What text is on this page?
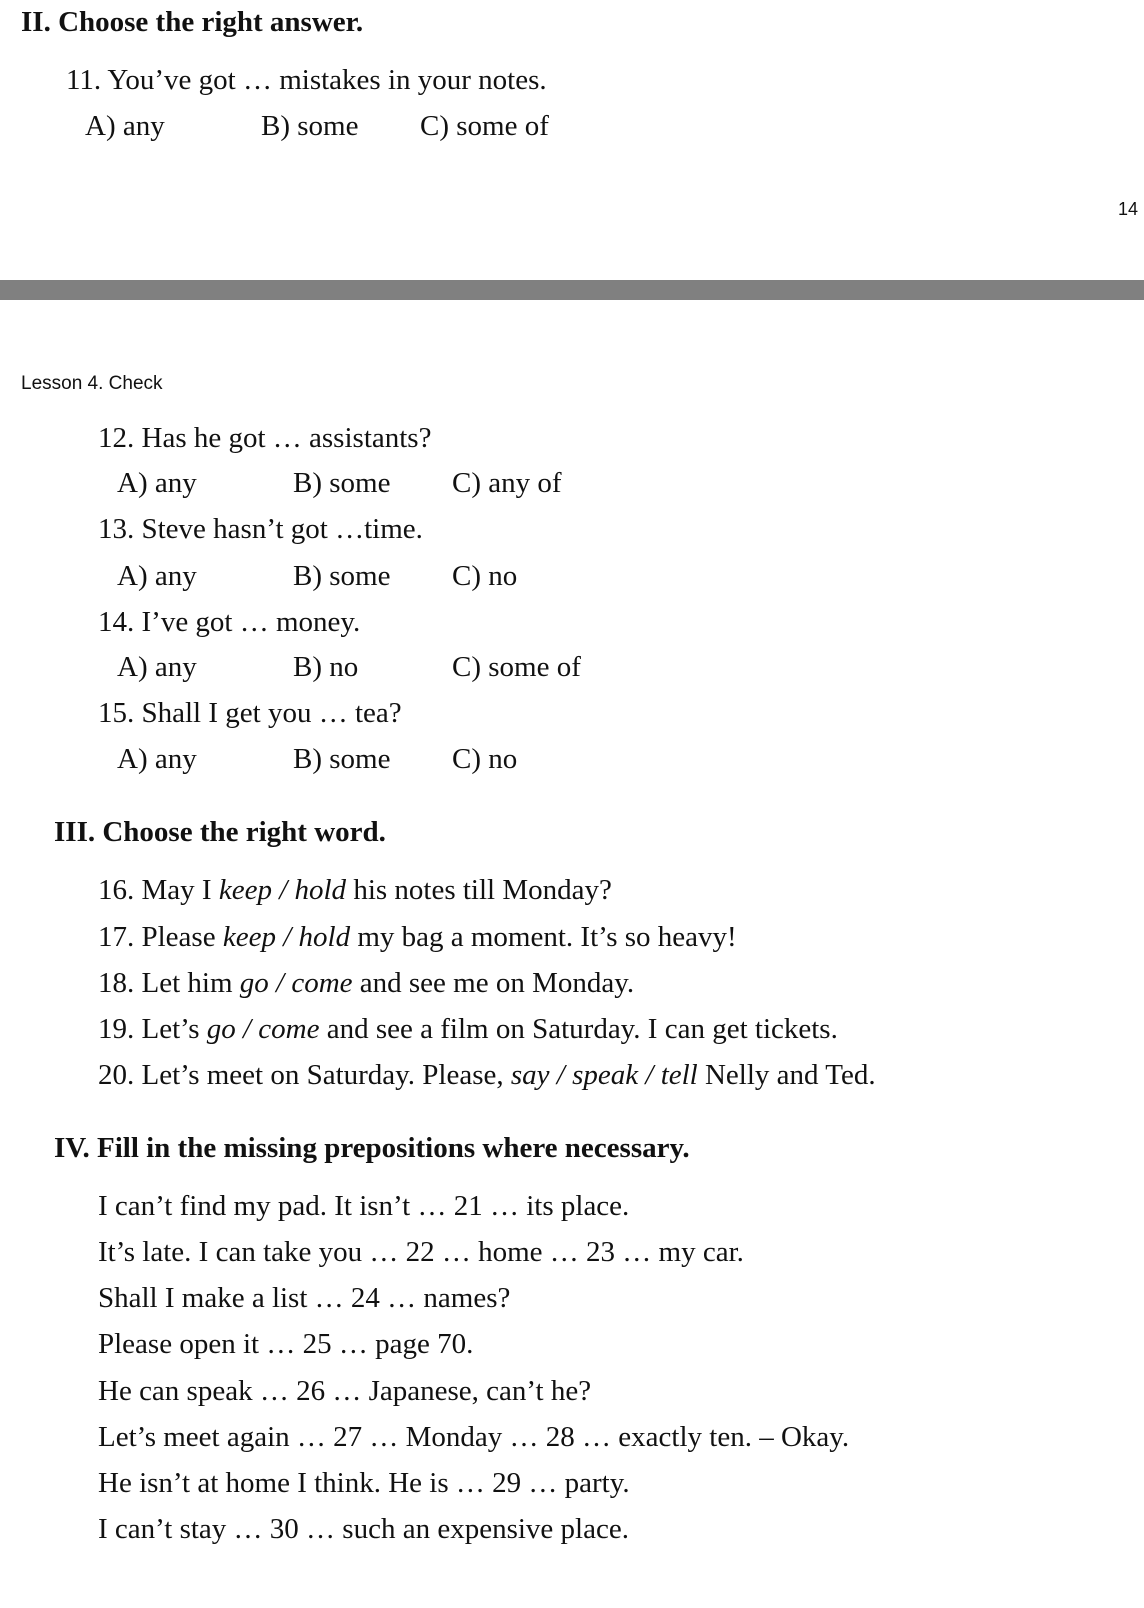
II. Choose the right answer.
11. You’ve got … mistakes in your notes.
A) any	B) some C) some of
14
Lesson 4. Check
12. Has he got … assistants?
A) any	B) some C) any of
13. Steve hasn’t got …time.
A) any	B) some C) no
14. I’ve got … money.
A) any	B) no	C) some of
15. Shall I get you … tea?
A) any	B) some C) no
III. Choose the right word.
16. May I keep / hold his notes till Monday?
17. Please keep / hold my bag a moment. It’s so heavy!
18. Let him go / come and see me on Monday.
19. Let’s go / come and see a film on Saturday. I can get tickets.
20. Let’s meet on Saturday. Please, say / speak / tell Nelly and Ted.
IV. Fill in the missing prepositions where necessary.
I can’t find my pad. It isn’t … 21 … its place.
It’s late. I can take you … 22 … home … 23 … my car.
Shall I make a list … 24 … names?
Please open it … 25 … page 70.
He can speak … 26 … Japanese, can’t he?
Let’s meet again … 27 … Monday … 28 … exactly ten. – Okay.
He isn’t at home I think. He is … 29 … party.
I can’t stay … 30 … such an expensive place.
